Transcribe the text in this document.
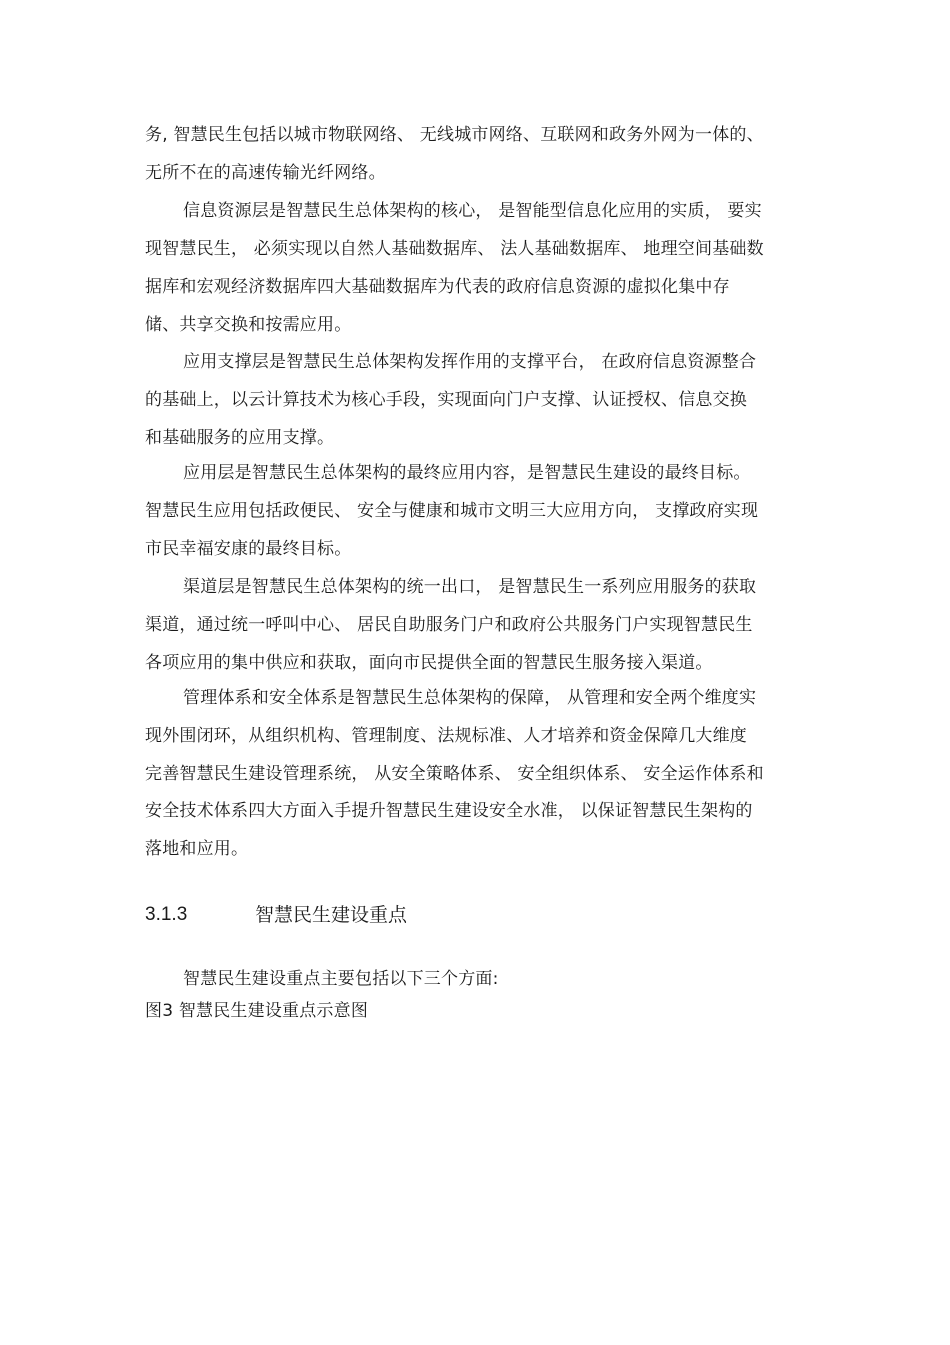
务, 智慧民生包括以城市物联网络、 无线城市网络、互联网和政务外网为一体的、
无所不在的高速传输光纤网络。
信息资源层是智慧民生总体架构的核心， 是智能型信息化应用的实质， 要实
现智慧民生， 必须实现以自然人基础数据库、 法人基础数据库、 地理空间基础数
据库和宏观经济数据库四大基础数据库为代表的政府信息资源的虚拟化集中存
储、共享交换和按需应用。
应用支撑层是智慧民生总体架构发挥作用的支撑平台， 在政府信息资源整合
的基础上，以云计算技术为核心手段，实现面向门户支撑、认证授权、信息交换
和基础服务的应用支撑。
应用层是智慧民生总体架构的最终应用内容，是智慧民生建设的最终目标。
智慧民生应用包括政便民、 安全与健康和城市文明三大应用方向， 支撑政府实现
市民幸福安康的最终目标。
渠道层是智慧民生总体架构的统一出口， 是智慧民生一系列应用服务的获取
渠道，通过统一呼叫中心、 居民自助服务门户和政府公共服务门户实现智慧民生
各项应用的集中供应和获取，面向市民提供全面的智慧民生服务接入渠道。
管理体系和安全体系是智慧民生总体架构的保障， 从管理和安全两个维度实
现外围闭环，从组织机构、管理制度、法规标准、人才培养和资金保障几大维度
完善智慧民生建设管理系统， 从安全策略体系、 安全组织体系、 安全运作体系和
安全技术体系四大方面入手提升智慧民生建设安全水准， 以保证智慧民生架构的
落地和应用。
3.1.3	智慧民生建设重点
智慧民生建设重点主要包括以下三个方面:
图3 智慧民生建设重点示意图
